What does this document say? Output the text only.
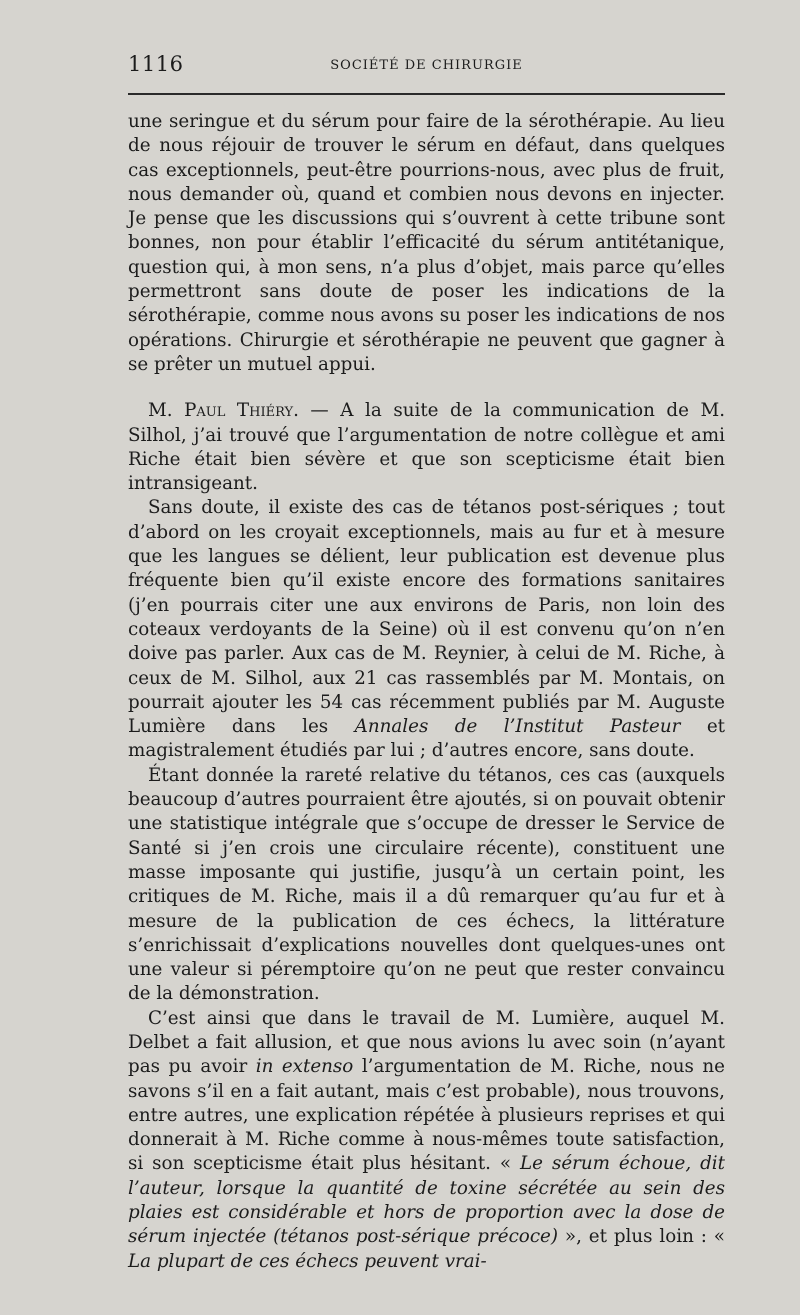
1116	SOCIÉTÉ DE CHIRURGIE

une seringue et du sérum pour faire de la sérothérapie. Au lieu de nous réjouir de trouver le sérum en défaut, dans quelques cas exceptionnels, peut-être pourrions-nous, avec plus de fruit, nous demander où, quand et combien nous devons en injecter. Je pense que les discussions qui s’ouvrent à cette tribune sont bonnes, non pour établir l’efficacité du sérum antitétanique, question qui, à mon sens, n’a plus d’objet, mais parce qu’elles permettront sans doute de poser les indications de la sérothérapie, comme nous avons su poser les indications de nos opérations. Chirurgie et sérothérapie ne peuvent que gagner à se prêter un mutuel appui.

M. Paul Thiéry. — A la suite de la communication de M. Silhol, j’ai trouvé que l’argumentation de notre collègue et ami Riche était bien sévère et que son scepticisme était bien intransigeant.

Sans doute, il existe des cas de tétanos post-sériques ; tout d’abord on les croyait exceptionnels, mais au fur et à mesure que les langues se délient, leur publication est devenue plus fréquente bien qu’il existe encore des formations sanitaires (j’en pourrais citer une aux environs de Paris, non loin des coteaux verdoyants de la Seine) où il est convenu qu’on n’en doive pas parler. Aux cas de M. Reynier, à celui de M. Riche, à ceux de M. Silhol, aux 21 cas rassemblés par M. Montais, on pourrait ajouter les 54 cas récemment publiés par M. Auguste Lumière dans les Annales de l’Institut Pasteur et magistralement étudiés par lui ; d’autres encore, sans doute.

Étant donnée la rareté relative du tétanos, ces cas (auxquels beaucoup d’autres pourraient être ajoutés, si on pouvait obtenir une statistique intégrale que s’occupe de dresser le Service de Santé si j’en crois une circulaire récente), constituent une masse imposante qui justifie, jusqu’à un certain point, les critiques de M. Riche, mais il a dû remarquer qu’au fur et à mesure de la publication de ces échecs, la littérature s’enrichissait d’explications nouvelles dont quelques-unes ont une valeur si péremptoire qu’on ne peut que rester convaincu de la démonstration.

C’est ainsi que dans le travail de M. Lumière, auquel M. Delbet a fait allusion, et que nous avions lu avec soin (n’ayant pas pu avoir in extenso l’argumentation de M. Riche, nous ne savons s’il en a fait autant, mais c’est probable), nous trouvons, entre autres, une explication répétée à plusieurs reprises et qui donnerait à M. Riche comme à nous-mêmes toute satisfaction, si son scepticisme était plus hésitant. « Le sérum échoue, dit l’auteur, lorsque la quantité de toxine sécrétée au sein des plaies est considérable et hors de proportion avec la dose de sérum injectée (tétanos post-sérique précoce) », et plus loin : « La plupart de ces échecs peuvent vrai-
